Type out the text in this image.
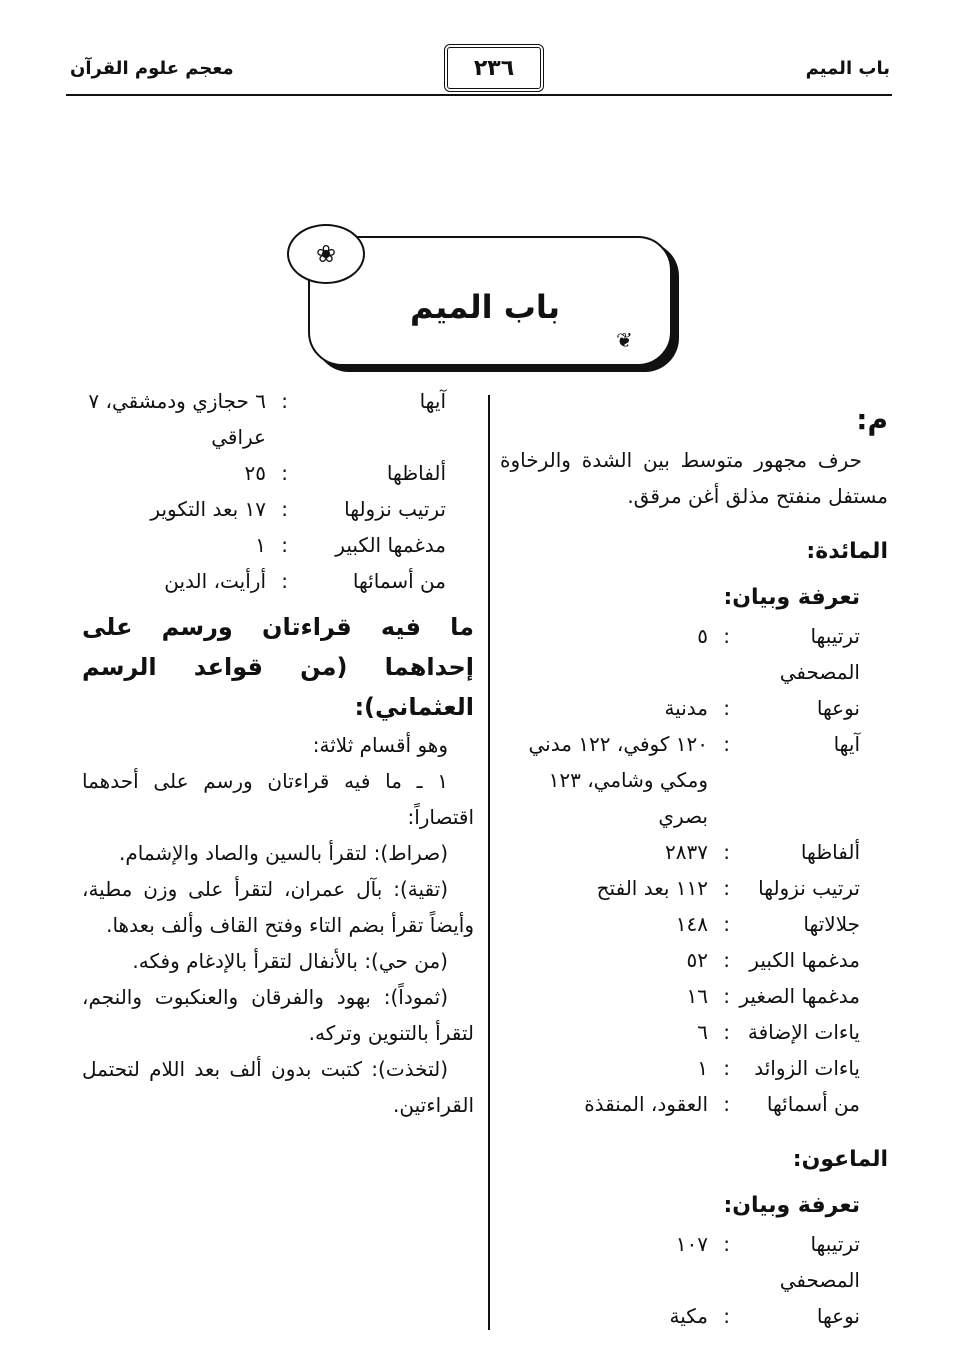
باب الميم
٢٣٦
معجم علوم القرآن
❀
باب الميم
❦

م:

حرف مجهور متوسط بين الشدة والرخاوة مستفل منفتح مذلق أغن مرقق.

المائدة:

تعرفة وبيان:

ترتيبها المصحفي
:
٥
نوعها
:
مدنية
آيها
:
١٢٠ كوفي، ١٢٢ مدني ومكي وشامي، ١٢٣ بصري
ألفاظها
:
٢٨٣٧
ترتيب نزولها
:
١١٢ بعد الفتح
جلالاتها
:
١٤٨
مدغمها الكبير
:
٥٢
مدغمها الصغير
:
١٦
ياءات الإضافة
:
٦
ياءات الزوائد
:
١
من أسمائها
:
العقود، المنقذة

الماعون:

تعرفة وبيان:

ترتيبها المصحفي
:
١٠٧
نوعها
:
مكية
آيها
:
٦ حجازي ودمشقي، ٧ عراقي
ألفاظها
:
٢٥
ترتيب نزولها
:
١٧ بعد التكوير
مدغمها الكبير
:
١
من أسمائها
:
أرأيت، الدين

ما فيه قراءتان ورسم على إحداهما (من قواعد الرسم العثماني):

وهو أقسام ثلاثة:

١ ـ ما فيه قراءتان ورسم على أحدهما اقتصاراً:

(صراط): لتقرأ بالسين والصاد والإشمام.

(تقية): بآل عمران، لتقرأ على وزن مطية، وأيضاً تقرأ بضم التاء وفتح القاف وألف بعدها.

(من حي): بالأنفال لتقرأ بالإدغام وفكه.

(ثموداً): بهود والفرقان والعنكبوت والنجم، لتقرأ بالتنوين وتركه.

(لتخذت): كتبت بدون ألف بعد اللام لتحتمل القراءتين.
